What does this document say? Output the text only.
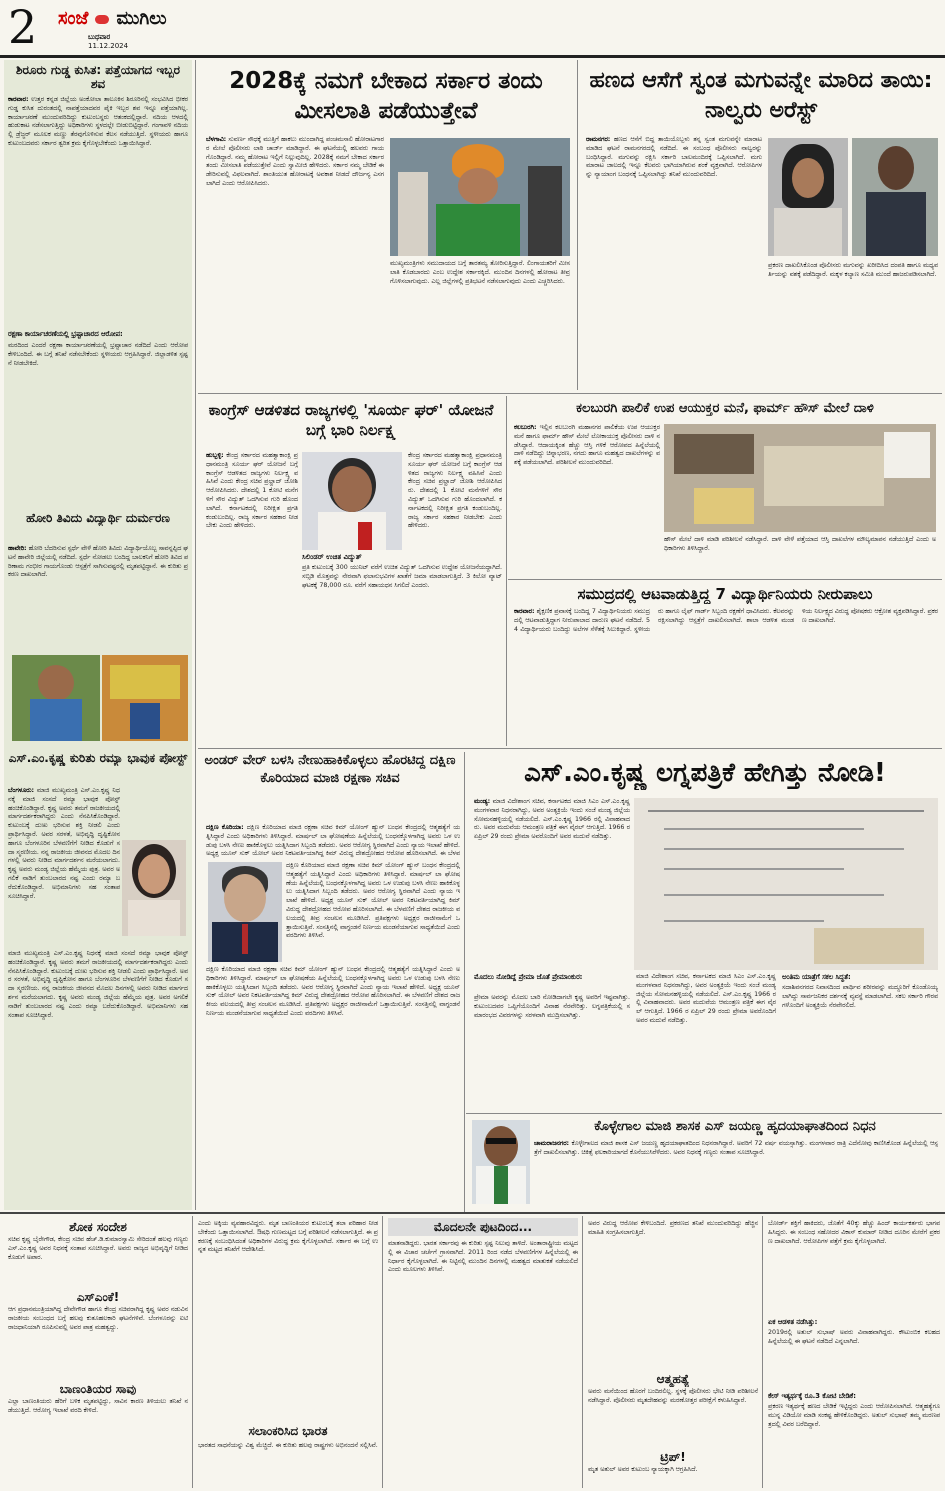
2 ಸಂಜೆ ಮುಗಿಲು
ಬುಧವಾರ
11.12.2024
ಶಿರೂರು ಗುಡ್ಡ ಕುಸಿತ: ಪತ್ತೆಯಾಗದ ಇಬ್ಬರ ಶವ
ಕಾರವಾರ: ಉತ್ತರ ಕನ್ನಡ ಜಿಲ್ಲೆಯ ಅಂಕೋಲಾ ತಾಲೂಕಿನ ಶಿರೂರಿನಲ್ಲಿ ಸಂಭವಿಸಿದ ಭೀಕರ ಗುಡ್ಡ ಕುಸಿತ ದುರಂತದಲ್ಲಿ ನಾಪತ್ತೆಯಾದವರ ಪೈಕಿ ಇಬ್ಬರ ಶವ ಇನ್ನೂ ಪತ್ತೆಯಾಗಿಲ್ಲ. ಕಾರ್ಯಾಚರಣೆ ಮುಂದುವರಿದಿದ್ದು ಕುಟುಂಬಸ್ಥರು ಆತಂಕದಲ್ಲಿದ್ದಾರೆ. ನದಿಯ ಆಳದಲ್ಲಿ ಹುಡುಕಾಟ ನಡೆಸಲಾಗುತ್ತಿದ್ದು ಅಧಿಕಾರಿಗಳು ಸ್ಥಳದಲ್ಲೇ ಬೀಡುಬಿಟ್ಟಿದ್ದಾರೆ. ಗಂಗಾವಳಿ ನದಿಯಲ್ಲಿ ಡ್ರೆಜ್ಜರ್ ಮೂಲಕ ಮಣ್ಣು ತೆರವುಗೊಳಿಸುವ ಕೆಲಸ ನಡೆಯುತ್ತಿದೆ. ಸ್ಥಳೀಯರು ಹಾಗೂ ಕುಟುಂಬದವರು ಸರ್ಕಾರ ತ್ವರಿತ ಕ್ರಮ ಕೈಗೊಳ್ಳಬೇಕೆಂದು ಒತ್ತಾಯಿಸಿದ್ದಾರೆ.
ರಕ್ಷಣಾ ಕಾರ್ಯಾಚರಣೆಯಲ್ಲಿ ಭ್ರಷ್ಟಾಚಾರದ ಆರೋಪ:
ಮರದಿಂದ ಎಂದರೆ ರಕ್ಷಣಾ ಕಾರ್ಯಾಚರಣೆಯಲ್ಲಿ ಭ್ರಷ್ಟಾಚಾರ ನಡೆದಿದೆ ಎಂದು ಆರೋಪ ಕೇಳಿಬಂದಿದೆ. ಈ ಬಗ್ಗೆ ತನಿಖೆ ನಡೆಸಬೇಕೆಂದು ಸ್ಥಳೀಯರು ಆಗ್ರಹಿಸಿದ್ದಾರೆ. ಜಿಲ್ಲಾಡಳಿತ ಸ್ಪಷ್ಟನೆ ನೀಡಬೇಕಿದೆ.
ಹೋರಿ ತಿವಿದು ವಿದ್ಯಾರ್ಥಿ ದುರ್ಮರಣ
ಹಾವೇರಿ: ಹೋರಿ ಬೆದರಿಸುವ ಸ್ಪರ್ಧೆ ವೇಳೆ ಹೋರಿ ತಿವಿದು ವಿದ್ಯಾರ್ಥಿಯೊಬ್ಬ ಸಾವನ್ನಪ್ಪಿದ ಘಟನೆ ಹಾವೇರಿ ಜಿಲ್ಲೆಯಲ್ಲಿ ನಡೆದಿದೆ. ಸ್ಪರ್ಧೆ ನೋಡಲು ಬಂದಿದ್ದ ಬಾಲಕನಿಗೆ ಹೋರಿ ತಿವಿದ ಪರಿಣಾಮ ಗಂಭೀರ ಗಾಯಗೊಂಡು ಆಸ್ಪತ್ರೆಗೆ ಸಾಗಿಸುವಷ್ಟರಲ್ಲಿ ಮೃತಪಟ್ಟಿದ್ದಾನೆ. ಈ ಕುರಿತು ಪ್ರಕರಣ ದಾಖಲಾಗಿದೆ.
ಎಸ್.ಎಂ.ಕೃಷ್ಣ ಕುರಿತು ರಮ್ಯಾ ಭಾವುಕ ಪೋಸ್ಟ್
ಬೆಂಗಳೂರು: ಮಾಜಿ ಮುಖ್ಯಮಂತ್ರಿ ಎಸ್.ಎಂ.ಕೃಷ್ಣ ನಿಧನಕ್ಕೆ ಮಾಜಿ ಸಂಸದೆ ರಮ್ಯಾ ಭಾವುಕ ಪೋಸ್ಟ್ ಹಂಚಿಕೊಂಡಿದ್ದಾರೆ. ಕೃಷ್ಣ ಅವರು ತಮಗೆ ರಾಜಕೀಯದಲ್ಲಿ ಮಾರ್ಗದರ್ಶಕರಾಗಿದ್ದರು ಎಂದು ನೆನಪಿಸಿಕೊಂಡಿದ್ದಾರೆ. ಕುಟುಂಬಕ್ಕೆ ದುಃಖ ಭರಿಸುವ ಶಕ್ತಿ ನೀಡಲಿ ಎಂದು ಪ್ರಾರ್ಥಿಸಿದ್ದಾರೆ. ಅವರ ಸರಳತೆ, ಅಭಿವೃದ್ಧಿ ದೃಷ್ಟಿಕೋನ ಹಾಗೂ ಬೆಂಗಳೂರಿನ ಬೆಳವಣಿಗೆಗೆ ನೀಡಿದ ಕೊಡುಗೆ ಸದಾ ಸ್ಮರಣೀಯ. ನನ್ನ ರಾಜಕೀಯ ಜೀವನದ ಮೊದಲ ದಿನಗಳಲ್ಲಿ ಅವರು ನೀಡಿದ ಮಾರ್ಗದರ್ಶನ ಮರೆಯಲಾಗದು. ಕೃಷ್ಣ ಅವರು ಮಂಡ್ಯ ಜಿಲ್ಲೆಯ ಹೆಮ್ಮೆಯ ಪುತ್ರ. ಅವರ ಅಗಲಿಕೆ ನಾಡಿಗೆ ತುಂಬಲಾರದ ನಷ್ಟ ಎಂದು ರಮ್ಯಾ ಬರೆದುಕೊಂಡಿದ್ದಾರೆ. ಅಭಿಮಾನಿಗಳು ಸಹ ಸಂತಾಪ ಸೂಚಿಸಿದ್ದಾರೆ.
ಮಾಜಿ ಮುಖ್ಯಮಂತ್ರಿ ಎಸ್.ಎಂ.ಕೃಷ್ಣ ನಿಧನಕ್ಕೆ ಮಾಜಿ ಸಂಸದೆ ರಮ್ಯಾ ಭಾವುಕ ಪೋಸ್ಟ್ ಹಂಚಿಕೊಂಡಿದ್ದಾರೆ. ಕೃಷ್ಣ ಅವರು ತಮಗೆ ರಾಜಕೀಯದಲ್ಲಿ ಮಾರ್ಗದರ್ಶಕರಾಗಿದ್ದರು ಎಂದು ನೆನಪಿಸಿಕೊಂಡಿದ್ದಾರೆ. ಕುಟುಂಬಕ್ಕೆ ದುಃಖ ಭರಿಸುವ ಶಕ್ತಿ ನೀಡಲಿ ಎಂದು ಪ್ರಾರ್ಥಿಸಿದ್ದಾರೆ. ಅವರ ಸರಳತೆ, ಅಭಿವೃದ್ಧಿ ದೃಷ್ಟಿಕೋನ ಹಾಗೂ ಬೆಂಗಳೂರಿನ ಬೆಳವಣಿಗೆಗೆ ನೀಡಿದ ಕೊಡುಗೆ ಸದಾ ಸ್ಮರಣೀಯ. ನನ್ನ ರಾಜಕೀಯ ಜೀವನದ ಮೊದಲ ದಿನಗಳಲ್ಲಿ ಅವರು ನೀಡಿದ ಮಾರ್ಗದರ್ಶನ ಮರೆಯಲಾಗದು. ಕೃಷ್ಣ ಅವರು ಮಂಡ್ಯ ಜಿಲ್ಲೆಯ ಹೆಮ್ಮೆಯ ಪುತ್ರ. ಅವರ ಅಗಲಿಕೆ ನಾಡಿಗೆ ತುಂಬಲಾರದ ನಷ್ಟ ಎಂದು ರಮ್ಯಾ ಬರೆದುಕೊಂಡಿದ್ದಾರೆ. ಅಭಿಮಾನಿಗಳು ಸಹ ಸಂತಾಪ ಸೂಚಿಸಿದ್ದಾರೆ.
2028ಕ್ಕೆ ನಮಗೆ ಬೇಕಾದ ಸರ್ಕಾರ ತಂದು ಮೀಸಲಾತಿ ಪಡೆಯುತ್ತೇವೆ
ಬೆಳಗಾವಿ: ಸುವರ್ಣ ಸೌಧಕ್ಕೆ ಮುತ್ತಿಗೆ ಹಾಕಲು ಮುಂದಾಗಿದ್ದ ಪಂಚಮಸಾಲಿ ಹೋರಾಟಗಾರರ ಮೇಲೆ ಪೊಲೀಸರು ಲಾಠಿ ಚಾರ್ಜ್ ಮಾಡಿದ್ದಾರೆ. ಈ ಘಟನೆಯಲ್ಲಿ ಹಲವರು ಗಾಯಗೊಂಡಿದ್ದಾರೆ. ನಮ್ಮ ಹೋರಾಟ ಇಲ್ಲಿಗೆ ನಿಲ್ಲುವುದಿಲ್ಲ. 2028ಕ್ಕೆ ನಮಗೆ ಬೇಕಾದ ಸರ್ಕಾರ ತಂದು ಮೀಸಲಾತಿ ಪಡೆಯುತ್ತೇವೆ ಎಂದು ಸ್ವಾಮೀಜಿ ಹೇಳಿದರು. ಸರ್ಕಾರ ನಮ್ಮ ಬೇಡಿಕೆ ಈಡೇರಿಸುವಲ್ಲಿ ವಿಫಲವಾಗಿದೆ. ಶಾಂತಿಯುತ ಹೋರಾಟಕ್ಕೆ ಅವಕಾಶ ನೀಡದೆ ದೌರ್ಜನ್ಯ ಎಸಗಲಾಗಿದೆ ಎಂದು ಆರೋಪಿಸಿದರು.
ಮುಖ್ಯಮಂತ್ರಿಗಳು ಸಮುದಾಯದ ಬಗ್ಗೆ ತಾರತಮ್ಯ ತೋರಿಸುತ್ತಿದ್ದಾರೆ. ಲಿಂಗಾಯತರಿಗೆ ಮೀಸಲಾತಿ ಕೊಡಬಾರದು ಎಂಬ ಉದ್ದೇಶ ಸರ್ಕಾರಕ್ಕಿದೆ. ಮುಂದಿನ ದಿನಗಳಲ್ಲಿ ಹೋರಾಟ ತೀವ್ರಗೊಳಿಸಲಾಗುವುದು. ಎಲ್ಲ ಜಿಲ್ಲೆಗಳಲ್ಲಿ ಪ್ರತಿಭಟನೆ ನಡೆಸಲಾಗುವುದು ಎಂದು ಎಚ್ಚರಿಸಿದರು.
ಹಣದ ಆಸೆಗೆ ಸ್ವಂತ ಮಗುವನ್ನೇ ಮಾರಿದ ತಾಯಿ: ನಾಲ್ವರು ಅರೆಸ್ಟ್
ರಾಮನಗರ: ಹಣದ ಆಸೆಗೆ ಬಿದ್ದ ತಾಯಿಯೊಬ್ಬಳು ತನ್ನ ಸ್ವಂತ ಮಗುವನ್ನೇ ಮಾರಾಟ ಮಾಡಿದ ಘಟನೆ ರಾಮನಗರದಲ್ಲಿ ನಡೆದಿದೆ. ಈ ಸಂಬಂಧ ಪೊಲೀಸರು ನಾಲ್ವರನ್ನು ಬಂಧಿಸಿದ್ದಾರೆ. ಮಗುವನ್ನು ರಕ್ಷಿಸಿ ಸರ್ಕಾರಿ ಬಾಲಮಂದಿರಕ್ಕೆ ಒಪ್ಪಿಸಲಾಗಿದೆ. ಮಗು ಮಾರಾಟ ಜಾಲದಲ್ಲಿ ಇನ್ನೂ ಕೆಲವರು ಭಾಗಿಯಾಗಿರುವ ಶಂಕೆ ವ್ಯಕ್ತವಾಗಿದೆ. ಆರೋಪಿಗಳನ್ನು ನ್ಯಾಯಾಂಗ ಬಂಧನಕ್ಕೆ ಒಪ್ಪಿಸಲಾಗಿದ್ದು ತನಿಖೆ ಮುಂದುವರಿದಿದೆ.
ಪ್ರಕರಣ ದಾಖಲಿಸಿಕೊಂಡ ಪೊಲೀಸರು ಮಗುವನ್ನು ಖರೀದಿಸಿದ ದಂಪತಿ ಹಾಗೂ ಮಧ್ಯವರ್ತಿಯನ್ನು ವಶಕ್ಕೆ ಪಡೆದಿದ್ದಾರೆ. ಮಕ್ಕಳ ಕಲ್ಯಾಣ ಸಮಿತಿ ಮುಂದೆ ಹಾಜರುಪಡಿಸಲಾಗಿದೆ.
ಕಾಂಗ್ರೆಸ್ ಆಡಳಿತದ ರಾಜ್ಯಗಳಲ್ಲಿ 'ಸೂರ್ಯ ಘರ್' ಯೋಜನೆ ಬಗ್ಗೆ ಭಾರಿ ನಿರ್ಲಕ್ಷ್ಯ
ಹುಬ್ಬಳ್ಳಿ: ಕೇಂದ್ರ ಸರ್ಕಾರದ ಮಹತ್ವಾಕಾಂಕ್ಷಿ ಪ್ರಧಾನಮಂತ್ರಿ ಸೂರ್ಯ ಘರ್ ಯೋಜನೆ ಬಗ್ಗೆ ಕಾಂಗ್ರೆಸ್ ಆಡಳಿತದ ರಾಜ್ಯಗಳು ನಿರ್ಲಕ್ಷ್ಯ ವಹಿಸಿವೆ ಎಂದು ಕೇಂದ್ರ ಸಚಿವ ಪ್ರಲ್ಹಾದ್ ಜೋಶಿ ಆರೋಪಿಸಿದರು. ದೇಶದಲ್ಲಿ 1 ಕೋಟಿ ಮನೆಗಳಿಗೆ ಸೌರ ವಿದ್ಯುತ್ ಒದಗಿಸುವ ಗುರಿ ಹೊಂದಲಾಗಿದೆ. ಕರ್ನಾಟಕದಲ್ಲಿ ನಿರೀಕ್ಷಿತ ಪ್ರಗತಿ ಕಂಡುಬಂದಿಲ್ಲ. ರಾಜ್ಯ ಸರ್ಕಾರ ಸಹಕಾರ ನೀಡಬೇಕು ಎಂದು ಹೇಳಿದರು.
ಕೇಂದ್ರ ಸರ್ಕಾರದ ಮಹತ್ವಾಕಾಂಕ್ಷಿ ಪ್ರಧಾನಮಂತ್ರಿ ಸೂರ್ಯ ಘರ್ ಯೋಜನೆ ಬಗ್ಗೆ ಕಾಂಗ್ರೆಸ್ ಆಡಳಿತದ ರಾಜ್ಯಗಳು ನಿರ್ಲಕ್ಷ್ಯ ವಹಿಸಿವೆ ಎಂದು ಕೇಂದ್ರ ಸಚಿವ ಪ್ರಲ್ಹಾದ್ ಜೋಶಿ ಆರೋಪಿಸಿದರು. ದೇಶದಲ್ಲಿ 1 ಕೋಟಿ ಮನೆಗಳಿಗೆ ಸೌರ ವಿದ್ಯುತ್ ಒದಗಿಸುವ ಗುರಿ ಹೊಂದಲಾಗಿದೆ. ಕರ್ನಾಟಕದಲ್ಲಿ ನಿರೀಕ್ಷಿತ ಪ್ರಗತಿ ಕಂಡುಬಂದಿಲ್ಲ. ರಾಜ್ಯ ಸರ್ಕಾರ ಸಹಕಾರ ನೀಡಬೇಕು ಎಂದು ಹೇಳಿದರು.
ಸಿಲಿಂಡರ್ ಉಚಿತ ವಿದ್ಯುತ್
ಪ್ರತಿ ಕುಟುಂಬಕ್ಕೆ 300 ಯುನಿಟ್ ವರೆಗೆ ಉಚಿತ ವಿದ್ಯುತ್ ಒದಗಿಸುವ ಉದ್ದೇಶ ಯೋಜನೆಯದ್ದಾಗಿದೆ. ಸಬ್ಸಿಡಿ ಮೊತ್ತವನ್ನು ನೇರವಾಗಿ ಫಲಾನುಭವಿಗಳ ಖಾತೆಗೆ ಜಮಾ ಮಾಡಲಾಗುತ್ತಿದೆ. 3 ಕಿಲೋ ವ್ಯಾಟ್ ಘಟಕಕ್ಕೆ 78,000 ರೂ. ವರೆಗೆ ಸಹಾಯಧನ ಸಿಗಲಿದೆ ಎಂದರು.
ಕಲಬುರಗಿ ಪಾಲಿಕೆ ಉಪ ಆಯುಕ್ತರ ಮನೆ, ಫಾರ್ಮ್ ಹೌಸ್ ಮೇಲೆ ದಾಳಿ
ಕಲಬುರಗಿ: ಇಲ್ಲಿನ ಕಲಬುರಗಿ ಮಹಾನಗರ ಪಾಲಿಕೆಯ ಉಪ ಆಯುಕ್ತರ ಮನೆ ಹಾಗೂ ಫಾರ್ಮ್ ಹೌಸ್ ಮೇಲೆ ಲೋಕಾಯುಕ್ತ ಪೊಲೀಸರು ದಾಳಿ ನಡೆಸಿದ್ದಾರೆ. ಆದಾಯಕ್ಕಿಂತ ಹೆಚ್ಚು ಆಸ್ತಿ ಗಳಿಕೆ ಆರೋಪದ ಹಿನ್ನೆಲೆಯಲ್ಲಿ ದಾಳಿ ನಡೆದಿದ್ದು ಚಿನ್ನಾಭರಣ, ನಗದು ಹಾಗೂ ಮಹತ್ವದ ದಾಖಲೆಗಳನ್ನು ವಶಕ್ಕೆ ಪಡೆಯಲಾಗಿದೆ. ಪರಿಶೀಲನೆ ಮುಂದುವರಿದಿದೆ.
ಹೌಸ್ ಮೇಲೆ ದಾಳಿ ಮಾಡಿ ಪರಿಶೀಲನೆ ನಡೆಸಿದ್ದಾರೆ. ದಾಳಿ ವೇಳೆ ಪತ್ತೆಯಾದ ಆಸ್ತಿ ದಾಖಲೆಗಳ ಮೌಲ್ಯಮಾಪನ ನಡೆಯುತ್ತಿದೆ ಎಂದು ಅಧಿಕಾರಿಗಳು ತಿಳಿಸಿದ್ದಾರೆ.
ಸಮುದ್ರದಲ್ಲಿ ಆಟವಾಡುತ್ತಿದ್ದ 7 ವಿದ್ಯಾರ್ಥಿನಿಯರು ನೀರುಪಾಲು
ಕಾರವಾರ: ಶೈಕ್ಷಣಿಕ ಪ್ರವಾಸಕ್ಕೆ ಬಂದಿದ್ದ 7 ವಿದ್ಯಾರ್ಥಿನಿಯರು ಸಮುದ್ರದಲ್ಲಿ ಆಟವಾಡುತ್ತಿದ್ದಾಗ ನೀರುಪಾಲಾದ ದಾರುಣ ಘಟನೆ ನಡೆದಿದೆ. 54 ವಿದ್ಯಾರ್ಥಿಯರು ಬಂದಿದ್ದು ಅಲೆಗಳ ಸೆಳೆತಕ್ಕೆ ಸಿಲುಕಿದ್ದಾರೆ. ಸ್ಥಳೀಯರು ಹಾಗೂ ಲೈಫ್ ಗಾರ್ಡ್ ಸಿಬ್ಬಂದಿ ರಕ್ಷಣೆಗೆ ಧಾವಿಸಿದರು. ಕೆಲವರನ್ನು ರಕ್ಷಿಸಲಾಗಿದ್ದು ಆಸ್ಪತ್ರೆಗೆ ದಾಖಲಿಸಲಾಗಿದೆ. ಶಾಲಾ ಆಡಳಿತ ಮಂಡಳಿಯ ನಿರ್ಲಕ್ಷ್ಯದ ವಿರುದ್ಧ ಪೋಷಕರು ಆಕ್ರೋಶ ವ್ಯಕ್ತಪಡಿಸಿದ್ದಾರೆ. ಪ್ರಕರಣ ದಾಖಲಾಗಿದೆ.
ಅಂಡರ್ ವೇರ್ ಬಳಸಿ ನೇಣುಹಾಕಿಕೊಳ್ಳಲು ಹೊರಟಿದ್ದ ದಕ್ಷಿಣ ಕೊರಿಯಾದ ಮಾಜಿ ರಕ್ಷಣಾ ಸಚಿವ
ದಕ್ಷಿಣ ಕೊರಿಯಾ: ದಕ್ಷಿಣ ಕೊರಿಯಾದ ಮಾಜಿ ರಕ್ಷಣಾ ಸಚಿವ ಕಿಮ್ ಯೋಂಗ್ ಹ್ಯುನ್ ಬಂಧನ ಕೇಂದ್ರದಲ್ಲಿ ಆತ್ಮಹತ್ಯೆಗೆ ಯತ್ನಿಸಿದ್ದಾರೆ ಎಂದು ಅಧಿಕಾರಿಗಳು ತಿಳಿಸಿದ್ದಾರೆ. ಮಾರ್ಷಲ್ ಲಾ ಘೋಷಣೆಯ ಹಿನ್ನೆಲೆಯಲ್ಲಿ ಬಂಧನಕ್ಕೊಳಗಾಗಿದ್ದ ಅವರು ಒಳ ಉಡುಪು ಬಳಸಿ ನೇಣು ಹಾಕಿಕೊಳ್ಳಲು ಯತ್ನಿಸಿದಾಗ ಸಿಬ್ಬಂದಿ ತಡೆದರು. ಅವರ ಆರೋಗ್ಯ ಸ್ಥಿರವಾಗಿದೆ ಎಂದು ನ್ಯಾಯ ಇಲಾಖೆ ಹೇಳಿದೆ. ಅಧ್ಯಕ್ಷ ಯೂನ್ ಸುಕ್ ಯೋಲ್ ಅವರ ನಿಕಟವರ್ತಿಯಾಗಿದ್ದ ಕಿಮ್ ವಿರುದ್ಧ ದೇಶದ್ರೋಹದ ಆರೋಪ ಹೊರಿಸಲಾಗಿದೆ. ಈ ಬೆಳವ
ದಕ್ಷಿಣ ಕೊರಿಯಾದ ಮಾಜಿ ರಕ್ಷಣಾ ಸಚಿವ ಕಿಮ್ ಯೋಂಗ್ ಹ್ಯುನ್ ಬಂಧನ ಕೇಂದ್ರದಲ್ಲಿ ಆತ್ಮಹತ್ಯೆಗೆ ಯತ್ನಿಸಿದ್ದಾರೆ ಎಂದು ಅಧಿಕಾರಿಗಳು ತಿಳಿಸಿದ್ದಾರೆ. ಮಾರ್ಷಲ್ ಲಾ ಘೋಷಣೆಯ ಹಿನ್ನೆಲೆಯಲ್ಲಿ ಬಂಧನಕ್ಕೊಳಗಾಗಿದ್ದ ಅವರು ಒಳ ಉಡುಪು ಬಳಸಿ ನೇಣು ಹಾಕಿಕೊಳ್ಳಲು ಯತ್ನಿಸಿದಾಗ ಸಿಬ್ಬಂದಿ ತಡೆದರು. ಅವರ ಆರೋಗ್ಯ ಸ್ಥಿರವಾಗಿದೆ ಎಂದು ನ್ಯಾಯ ಇಲಾಖೆ ಹೇಳಿದೆ. ಅಧ್ಯಕ್ಷ ಯೂನ್ ಸುಕ್ ಯೋಲ್ ಅವರ ನಿಕಟವರ್ತಿಯಾಗಿದ್ದ ಕಿಮ್ ವಿರುದ್ಧ ದೇಶದ್ರೋಹದ ಆರೋಪ ಹೊರಿಸಲಾಗಿದೆ. ಈ ಬೆಳವಣಿಗೆ ದೇಶದ ರಾಜಕೀಯ ವಲಯದಲ್ಲಿ ತೀವ್ರ ಸಂಚಲನ ಮೂಡಿಸಿದೆ. ಪ್ರತಿಪಕ್ಷಗಳು ಅಧ್ಯಕ್ಷರ ರಾಜೀನಾಮೆಗೆ ಒತ್ತಾಯಿಸುತ್ತಿವೆ. ಸಂಸತ್ತಿನಲ್ಲಿ ವಾಗ್ದಂಡನೆ ನಿರ್ಣಯ ಮಂಡನೆಯಾಗುವ ಸಾಧ್ಯತೆಯಿದೆ ಎಂದು ವರದಿಗಳು ತಿಳಿಸಿವೆ.
ದಕ್ಷಿಣ ಕೊರಿಯಾದ ಮಾಜಿ ರಕ್ಷಣಾ ಸಚಿವ ಕಿಮ್ ಯೋಂಗ್ ಹ್ಯುನ್ ಬಂಧನ ಕೇಂದ್ರದಲ್ಲಿ ಆತ್ಮಹತ್ಯೆಗೆ ಯತ್ನಿಸಿದ್ದಾರೆ ಎಂದು ಅಧಿಕಾರಿಗಳು ತಿಳಿಸಿದ್ದಾರೆ. ಮಾರ್ಷಲ್ ಲಾ ಘೋಷಣೆಯ ಹಿನ್ನೆಲೆಯಲ್ಲಿ ಬಂಧನಕ್ಕೊಳಗಾಗಿದ್ದ ಅವರು ಒಳ ಉಡುಪು ಬಳಸಿ ನೇಣು ಹಾಕಿಕೊಳ್ಳಲು ಯತ್ನಿಸಿದಾಗ ಸಿಬ್ಬಂದಿ ತಡೆದರು. ಅವರ ಆರೋಗ್ಯ ಸ್ಥಿರವಾಗಿದೆ ಎಂದು ನ್ಯಾಯ ಇಲಾಖೆ ಹೇಳಿದೆ. ಅಧ್ಯಕ್ಷ ಯೂನ್ ಸುಕ್ ಯೋಲ್ ಅವರ ನಿಕಟವರ್ತಿಯಾಗಿದ್ದ ಕಿಮ್ ವಿರುದ್ಧ ದೇಶದ್ರೋಹದ ಆರೋಪ ಹೊರಿಸಲಾಗಿದೆ. ಈ ಬೆಳವಣಿಗೆ ದೇಶದ ರಾಜಕೀಯ ವಲಯದಲ್ಲಿ ತೀವ್ರ ಸಂಚಲನ ಮೂಡಿಸಿದೆ. ಪ್ರತಿಪಕ್ಷಗಳು ಅಧ್ಯಕ್ಷರ ರಾಜೀನಾಮೆಗೆ ಒತ್ತಾಯಿಸುತ್ತಿವೆ. ಸಂಸತ್ತಿನಲ್ಲಿ ವಾಗ್ದಂಡನೆ ನಿರ್ಣಯ ಮಂಡನೆಯಾಗುವ ಸಾಧ್ಯತೆಯಿದೆ ಎಂದು ವರದಿಗಳು ತಿಳಿಸಿವೆ.
ಎಸ್.ಎಂ.ಕೃಷ್ಣ ಲಗ್ನಪತ್ರಿಕೆ ಹೇಗಿತ್ತು ನೋಡಿ!
ಮಂಡ್ಯ: ಮಾಜಿ ವಿದೇಶಾಂಗ ಸಚಿವ, ಕರ್ನಾಟಕದ ಮಾಜಿ ಸಿಎಂ ಎಸ್.ಎಂ.ಕೃಷ್ಣ ಮಂಗಳವಾರ ನಿಧನರಾಗಿದ್ದು, ಅವರ ಅಂತ್ಯಕ್ರಿಯೆ ಇಂದು ಸಂಜೆ ಮಂಡ್ಯ ಜಿಲ್ಲೆಯ ಸೋಮನಹಳ್ಳಿಯಲ್ಲಿ ನಡೆಯಲಿದೆ. ಎಸ್.ಎಂ.ಕೃಷ್ಣ 1966 ರಲ್ಲಿ ವಿವಾಹವಾದರು. ಅವರ ಮದುವೆಯ ಆಮಂತ್ರಣ ಪತ್ರಿಕೆ ಈಗ ವೈರಲ್ ಆಗುತ್ತಿದೆ. 1966 ರ ಏಪ್ರಿಲ್ 29 ರಂದು ಪ್ರೇಮಾ ಅವರೊಂದಿಗೆ ಅವರ ಮದುವೆ ನಡೆದಿತ್ತು.
ಮೊದಲು ನೋಡಿದ್ದೆ ಪ್ರೇಮಾ ಜೊತೆ ಪ್ರೇಮಾಂಕುರ:
ಪ್ರೇಮಾ ಅವರನ್ನು ಮೊದಲ ಬಾರಿ ನೋಡಿದಾಗಲೇ ಕೃಷ್ಣ ಅವರಿಗೆ ಇಷ್ಟವಾಗಿತ್ತು. ಕುಟುಂಬದವರ ಒಪ್ಪಿಗೆಯೊಂದಿಗೆ ವಿವಾಹ ನೆರವೇರಿತ್ತು. ಲಗ್ನಪತ್ರಿಕೆಯಲ್ಲಿ ಸಮಾರಂಭದ ವಿವರಗಳನ್ನು ಸರಳವಾಗಿ ಮುದ್ರಿಸಲಾಗಿತ್ತು.
ಮಾಜಿ ವಿದೇಶಾಂಗ ಸಚಿವ, ಕರ್ನಾಟಕದ ಮಾಜಿ ಸಿಎಂ ಎಸ್.ಎಂ.ಕೃಷ್ಣ ಮಂಗಳವಾರ ನಿಧನರಾಗಿದ್ದು, ಅವರ ಅಂತ್ಯಕ್ರಿಯೆ ಇಂದು ಸಂಜೆ ಮಂಡ್ಯ ಜಿಲ್ಲೆಯ ಸೋಮನಹಳ್ಳಿಯಲ್ಲಿ ನಡೆಯಲಿದೆ. ಎಸ್.ಎಂ.ಕೃಷ್ಣ 1966 ರಲ್ಲಿ ವಿವಾಹವಾದರು. ಅವರ ಮದುವೆಯ ಆಮಂತ್ರಣ ಪತ್ರಿಕೆ ಈಗ ವೈರಲ್ ಆಗುತ್ತಿದೆ. 1966 ರ ಏಪ್ರಿಲ್ 29 ರಂದು ಪ್ರೇಮಾ ಅವರೊಂದಿಗೆ ಅವರ ಮದುವೆ ನಡೆದಿತ್ತು.
ಅಂತಿಮ ಯಾತ್ರೆಗೆ ಸಕಲ ಸಿದ್ಧತೆ:
ಸದಾಶಿವನಗರದ ನಿವಾಸದಿಂದ ಪಾರ್ಥಿವ ಶರೀರವನ್ನು ಮದ್ದೂರಿಗೆ ಕೊಂಡೊಯ್ಯಲಾಗಿದ್ದು ಸಾರ್ವಜನಿಕರ ದರ್ಶನಕ್ಕೆ ವ್ಯವಸ್ಥೆ ಮಾಡಲಾಗಿದೆ. ಸಕಲ ಸರ್ಕಾರಿ ಗೌರವಗಳೊಂದಿಗೆ ಅಂತ್ಯಕ್ರಿಯೆ ನೆರವೇರಲಿದೆ.
ಕೊಳ್ಳೇಗಾಲ ಮಾಜಿ ಶಾಸಕ ಎಸ್ ಜಯಣ್ಣ ಹೃದಯಾಘಾತದಿಂದ ನಿಧನ
ಚಾಮರಾಜನಗರ: ಕೊಳ್ಳೇಗಾಲದ ಮಾಜಿ ಶಾಸಕ ಎಸ್ ಜಯಣ್ಣ ಹೃದಯಾಘಾತದಿಂದ ನಿಧನರಾಗಿದ್ದಾರೆ. ಅವರಿಗೆ 72 ವರ್ಷ ವಯಸ್ಸಾಗಿತ್ತು. ಮಂಗಳವಾರ ರಾತ್ರಿ ಎದೆನೋವು ಕಾಣಿಸಿಕೊಂಡ ಹಿನ್ನೆಲೆಯಲ್ಲಿ ಆಸ್ಪತ್ರೆಗೆ ದಾಖಲಿಸಲಾಗಿತ್ತು. ಚಿಕಿತ್ಸೆ ಫಲಕಾರಿಯಾಗದೆ ಕೊನೆಯುಸಿರೆಳೆದರು. ಅವರ ನಿಧನಕ್ಕೆ ಗಣ್ಯರು ಸಂತಾಪ ಸೂಚಿಸಿದ್ದಾರೆ.
ಶೋಕ ಸಂದೇಶ
ಸಚಿವ ಕೃಷ್ಣ ಬೈರೇಗೌಡ, ಕೇಂದ್ರ ಸಚಿವ ಹೆಚ್.ಡಿ.ಕುಮಾರಸ್ವಾಮಿ ಸೇರಿದಂತೆ ಹಲವು ಗಣ್ಯರು ಎಸ್.ಎಂ.ಕೃಷ್ಣ ಅವರ ನಿಧನಕ್ಕೆ ಸಂತಾಪ ಸೂಚಿಸಿದ್ದಾರೆ. ಅವರು ರಾಜ್ಯದ ಅಭಿವೃದ್ಧಿಗೆ ನೀಡಿದ ಕೊಡುಗೆ ಅಪಾರ.
ಎಸ್‌ಎಂಕೆ!
ಆಗ ಪ್ರಧಾನಮಂತ್ರಿಯಾಗಿದ್ದ ದೇವೇಗೌಡ ಹಾಗೂ ಕೇಂದ್ರ ಸಚಿವರಾಗಿದ್ದ ಕೃಷ್ಣ ಅವರ ನಡುವಿನ ರಾಜಕೀಯ ಸಂಬಂಧದ ಬಗ್ಗೆ ಹಲವು ಕುತೂಹಲಕಾರಿ ಘಟನೆಗಳಿವೆ. ಬೆಂಗಳೂರನ್ನು ಐಟಿ ರಾಜಧಾನಿಯಾಗಿ ರೂಪಿಸುವಲ್ಲಿ ಅವರ ಪಾತ್ರ ಮಹತ್ವದ್ದು.
ಬಾಣಂತಿಯರ ಸಾವು
ಎಲ್ಲಾ ಬಾಣಂತಿಯರು ಹೆರಿಗೆ ಬಳಿಕ ಮೃತಪಟ್ಟಿದ್ದು, ಸಾವಿನ ಕಾರಣ ತಿಳಿಯಲು ತನಿಖೆ ನಡೆಯುತ್ತಿದೆ. ಆರೋಗ್ಯ ಇಲಾಖೆ ವರದಿ ಕೇಳಿದೆ.
ಎಂದು ಅಕ್ಕಿಯ ವ್ಯವಹಾರವಿದ್ದರು. ಮೃತ ಬಾಣಂತಿಯರ ಕುಟುಂಬಕ್ಕೆ ತಲಾ ಪರಿಹಾರ ನೀಡಬೇಕೆಂದು ಒತ್ತಾಯಿಸಲಾಗಿದೆ. ಔಷಧಿ ಗುಣಮಟ್ಟದ ಬಗ್ಗೆ ಪರಿಶೀಲನೆ ನಡೆಸಲಾಗುತ್ತಿದೆ. ಈ ಪ್ರಕರಣಕ್ಕೆ ಸಂಬಂಧಿಸಿದಂತೆ ಅಧಿಕಾರಿಗಳ ವಿರುದ್ಧ ಕ್ರಮ ಕೈಗೊಳ್ಳಲಾಗಿದೆ. ಸರ್ಕಾರ ಈ ಬಗ್ಗೆ ಉನ್ನತ ಮಟ್ಟದ ತನಿಖೆಗೆ ಆದೇಶಿಸಿದೆ.
ಸಲಾಂಕರಿಸಿದ ಭಾರತ
ಭಾರತದ ಸಾಧನೆಯನ್ನು ವಿಶ್ವ ಮೆಚ್ಚಿದೆ. ಈ ಕುರಿತು ಹಲವು ರಾಷ್ಟ್ರಗಳು ಅಭಿನಂದನೆ ಸಲ್ಲಿಸಿವೆ.
ಮೊದಲನೇ ಪುಟದಿಂದ...
ಮಾತನಾಡಿದ್ದರು. ಭಾರತ ಸರ್ಕಾರವು ಈ ಕುರಿತು ಸ್ಪಷ್ಟ ನಿಲುವು ತಾಳಿದೆ. ಅಂತಾರಾಷ್ಟ್ರೀಯ ಮಟ್ಟದಲ್ಲಿ ಈ ವಿಚಾರ ಚರ್ಚೆಗೆ ಗ್ರಾಸವಾಗಿದೆ. 2011 ರಿಂದ ನಡೆದ ಬೆಳವಣಿಗೆಗಳ ಹಿನ್ನೆಲೆಯಲ್ಲಿ ಈ ನಿರ್ಧಾರ ಕೈಗೊಳ್ಳಲಾಗಿದೆ. ಈ ನಿಟ್ಟಿನಲ್ಲಿ ಮುಂದಿನ ದಿನಗಳಲ್ಲಿ ಮಹತ್ವದ ಮಾತುಕತೆ ನಡೆಯಲಿದೆ ಎಂದು ಮೂಲಗಳು ತಿಳಿಸಿವೆ.
ಅವರ ವಿರುದ್ಧ ಆರೋಪ ಕೇಳಿಬಂದಿದೆ. ಪ್ರಕರಣದ ತನಿಖೆ ಮುಂದುವರಿದಿದ್ದು ಹೆಚ್ಚಿನ ಮಾಹಿತಿ ಸಂಗ್ರಹಿಸಲಾಗುತ್ತಿದೆ.
ಆತ್ಮಹತ್ಯೆ
ಅವರು ಮನೆಯಿಂದ ಹೊರಗೆ ಬಂದಿರಲಿಲ್ಲ. ಸ್ಥಳಕ್ಕೆ ಪೊಲೀಸರು ಭೇಟಿ ನೀಡಿ ಪರಿಶೀಲನೆ ನಡೆಸಿದ್ದಾರೆ. ಪೊಲೀಸರು ಮೃತದೇಹವನ್ನು ಮರಣೋತ್ತರ ಪರೀಕ್ಷೆಗೆ ಕಳುಹಿಸಿದ್ದಾರೆ.
ಟ್ರಿಪ್!
ಮೃತ ಅತುಲ್ ಅವರ ಕುಟುಂಬ ನ್ಯಾಯಕ್ಕಾಗಿ ಆಗ್ರಹಿಸಿದೆ.
ಬೋರ್ಡ್ ಶಕ್ತಿಗೆ ಹಾಕಿದರು, ಜೊತೆಗೆ 40ಕ್ಕು ಹೆಚ್ಚು ಹಿಂದ್ ಕಾರ್ಯಕರ್ತರು ಭಾಗವಹಿಸಿದ್ದರು. ಈ ಸಂಬಂಧ ಸಹೋದರ ವಿಕಾಸ್ ಕುಮಾರ್ ನೀಡಿದ ದೂರಿನ ಮೇರೆಗೆ ಪ್ರಕರಣ ದಾಖಲಾಗಿದೆ. ಆರೋಪಿಗಳ ಪತ್ತೆಗೆ ಕ್ರಮ ಕೈಗೊಳ್ಳಲಾಗಿದೆ.
ಏಕ ಆಡಳಿತ ನಡೆಸಿತ್ತು:
2019ರಲ್ಲಿ ಅತುಲ್ ಸುಭಾಷ್ ಅವರು ವಿವಾಹವಾಗಿದ್ದರು. ಕೌಟುಂಬಿಕ ಕಲಹದ ಹಿನ್ನೆಲೆಯಲ್ಲಿ ಈ ಘಟನೆ ನಡೆದಿದೆ ಎನ್ನಲಾಗಿದೆ.
ಕೇಸ್ ಇತ್ಯರ್ಥಕ್ಕೆ ರೂ.3 ಕೋಟಿ ಬೇಡಿಕೆ:
ಪ್ರಕರಣ ಇತ್ಯರ್ಥಕ್ಕೆ ಹಣದ ಬೇಡಿಕೆ ಇಟ್ಟಿದ್ದರು ಎಂದು ಆರೋಪಿಸಲಾಗಿದೆ. ಆತ್ಮಹತ್ಯೆಗೂ ಮುನ್ನ ವಿಡಿಯೋ ಮಾಡಿ ಸಂಕಷ್ಟ ಹೇಳಿಕೊಂಡಿದ್ದರು. ಅತುಲ್ ಸುಭಾಷ್ ತಮ್ಮ ಮರಣಪತ್ರದಲ್ಲಿ ವಿವರ ಬರೆದಿದ್ದಾರೆ.
